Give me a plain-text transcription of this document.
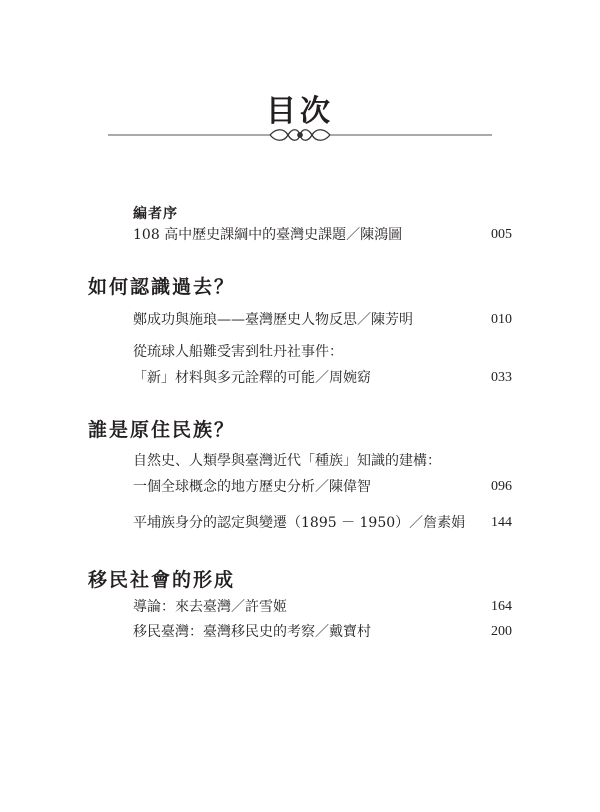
目次
編者序
108 高中歷史課綱中的臺灣史課題／陳鴻圖	005
如何認識過去？
鄭成功與施琅——臺灣歷史人物反思／陳芳明	010
從琉球人船難受害到牡丹社事件：
「新」材料與多元詮釋的可能／周婉窈	033
誰是原住民族？
自然史、人類學與臺灣近代「種族」知識的建構：
一個全球概念的地方歷史分析／陳偉智	096
平埔族身分的認定與變遷（1895 － 1950）／詹素娟 144
移民社會的形成
導論：來去臺灣／許雪姬	164
移民臺灣：臺灣移民史的考察／戴寶村	200
